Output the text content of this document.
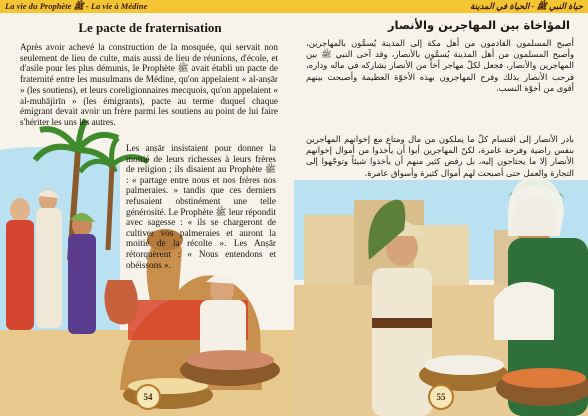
La vie du Prophète ﷺ - La vie à Médine
Le pacte de fraternisation

Après avoir achevé la construction de la mosquée, qui servait non seulement de lieu de culte, mais aussi de lieu de réunions, d'école, et d'asile pour les plus démunis, le Prophète ﷺ avait établi un pacte de fraternité entre les musulmans de Médine, qu'on appelaient « al-anṣār » (les soutiens), et leurs coreligionnaires mecquois, qu'on appelaient « al-muhājirīn » (les émigrants), pacte au terme duquel chaque émigrant devait avoir un frère parmi les soutiens au point de lui faire s'hériter les uns les autres.

Les anṣār insistaient pour donner la moitié de leurs richesses à leurs frères de religion ; ils disaient au Prophète ﷺ : « partage entre nous et nos frères nos palmeraies. » tandis que ces derniers refusaient obstinément une telle générosité. Le Prophète ﷺ leur répondit avec sagesse : « ils se chargeront de cultiver vos palmeraies et auront la moitié de la récolte ». Les Anṣār rétorquèrent : « Nous entendons et obéissons ».

54
حياة النبي ﷺ - الحياة في المدينة
المؤاخاة بين المهاجرين والأنصار

أصبح المسلمون القادمون من أهل مكة إلى المدينة يُسمَّون بالمهاجرين، وأصبح المسلمون من أهل المدينة يُسمَّون بالأنصار، وقد آخى النبي ﷺ بين المهاجرين والأنصار، فجعل لكلّ مهاجر أخاً من الأنصار يشاركه في ماله وداره، فرحب الأنصار بذلك وفرح المهاجرون بهذه الأخوّة العظيمة وأصبحت بينهم أقوى من أخوّة النسب.

بادر الأنصار إلى اقتسام كلّ ما يملكون من مال ومتاع مع إخوانهم المهاجرين بنفس راضية وفرحة غامرة، لكنّ المهاجرين أبوا أن يأخذوا من أموال إخوانهم الأنصار إلا ما يحتاجون إليه، بل رفض كثير منهم أن يأخذوا شيئاً وتوجّهوا إلى التجارة والعمل حتى أصبحت لهم أموال كثيرة وأسواق عامرة.

55
